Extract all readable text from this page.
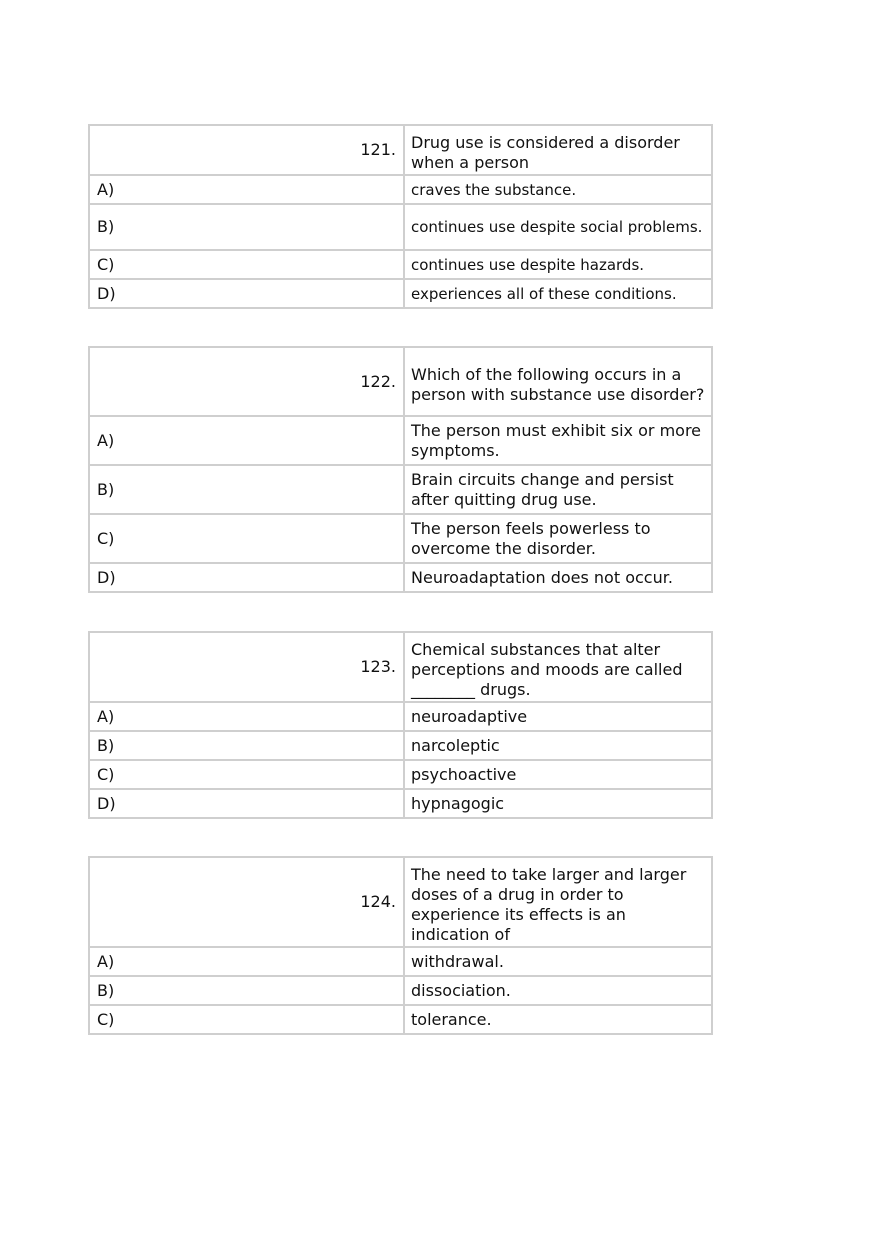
121.	Drug use is considered a disorder when a person
A)	craves the substance.
B)	continues use despite social problems.
C)	continues use despite hazards.
D)	experiences all of these conditions.
122.	Which of the following occurs in a person with substance use disorder?
A)	The person must exhibit six or more symptoms.
B)	Brain circuits change and persist after quitting drug use.
C)	The person feels powerless to overcome the disorder.
D)	Neuroadaptation does not occur.
123.	Chemical substances that alter perceptions and moods are called ________ drugs.
A)	neuroadaptive
B)	narcoleptic
C)	psychoactive
D)	hypnagogic
124.	The need to take larger and larger doses of a drug in order to experience its effects is an indication of
A)	withdrawal.
B)	dissociation.
C)	tolerance.
